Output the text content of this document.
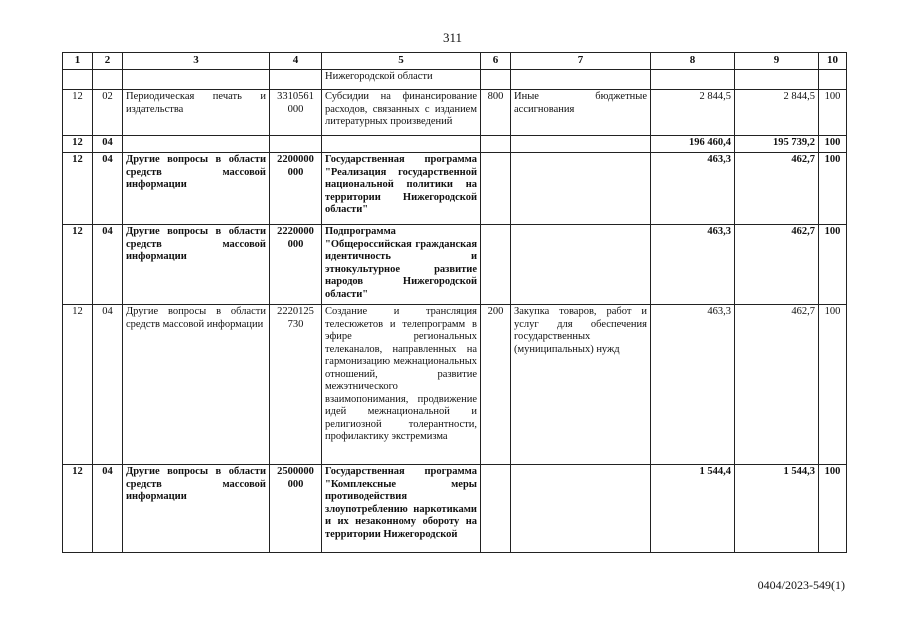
311
1	2	3	4	5	6	7	8	9	10
				Нижегородской области					
12	02	Периодическая печать и издательства	3310561 000	Субсидии на финансирование расходов, связанных с изданием литературных произведений	800	Иные бюджетные ассигнования	2 844,5	2 844,5	100
12	04						196 460,4	195 739,2	100
12	04	Другие вопросы в области средств массовой информации	2200000 000	Государственная программа "Реализация государственной национальной политики на территории Нижегородской области"			463,3	462,7	100
12	04	Другие вопросы в области средств массовой информации	2220000 000	Подпрограмма "Общероссийская гражданская идентичность и этнокультурное развитие народов Нижегородской области"			463,3	462,7	100
12	04	Другие вопросы в области средств массовой информации	2220125 730	Создание и трансляция телесюжетов и телепрограмм в эфире региональных телеканалов, направленных на гармонизацию межнациональных отношений, развитие межэтнического взаимопонимания, продвижение идей межнациональной и религиозной толерантности, профилактику экстремизма	200	Закупка товаров, работ и услуг для обеспечения государственных (муниципальных) нужд	463,3	462,7	100
12	04	Другие вопросы в области средств массовой информации	2500000 000	Государственная программа "Комплексные меры противодействия злоупотреблению наркотиками и их незаконному обороту на территории Нижегородской			1 544,4	1 544,3	100
0404/2023-549(1)
